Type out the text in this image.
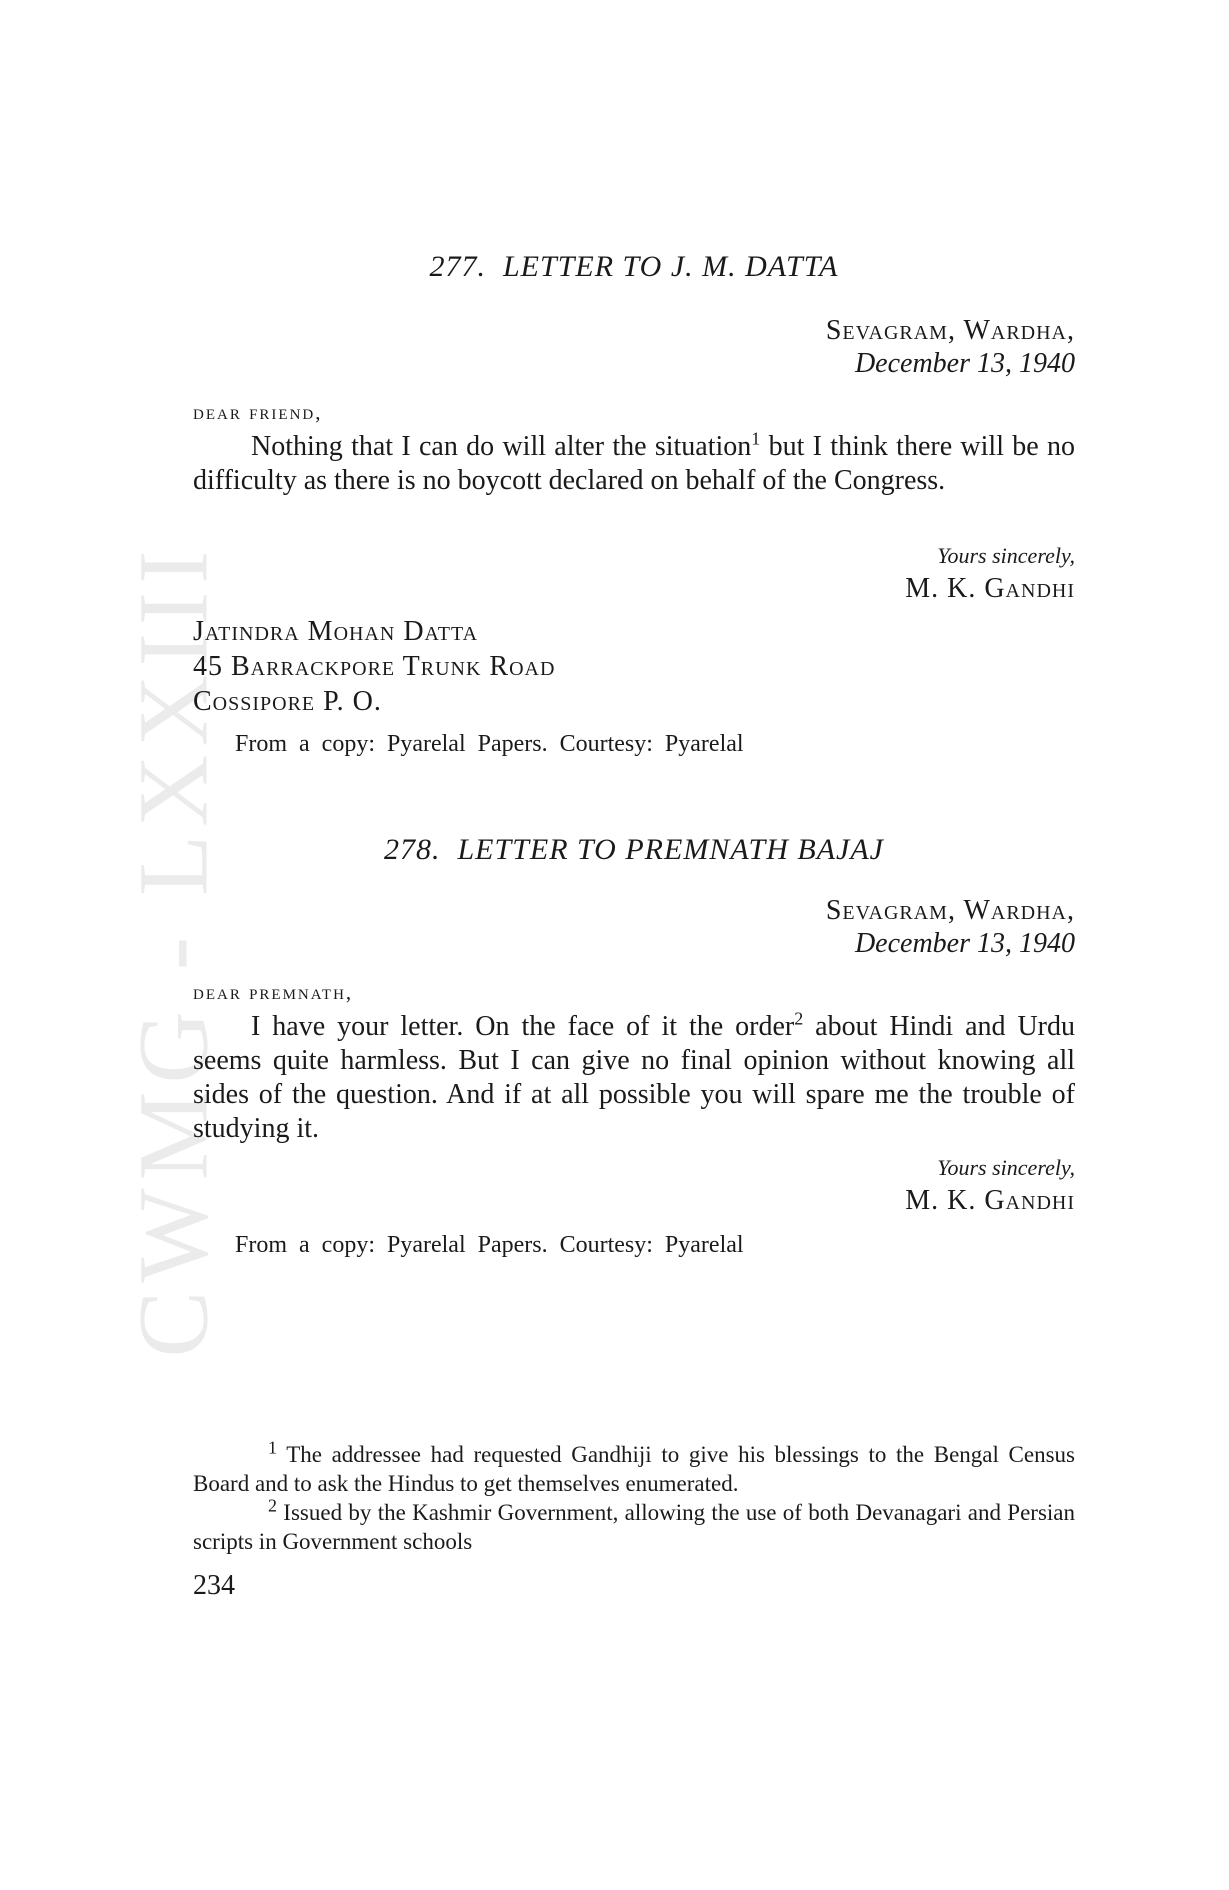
CWMG - LXXIII
277. LETTER TO J. M. DATTA
Sevagram, Wardha,
December 13, 1940
dear friend,
Nothing that I can do will alter the situation$^1$ but I think there will be no difficulty as there is no boycott declared on behalf of the Congress.
Yours sincerely,
M. K. Gandhi
Jatindra Mohan Datta
45 Barrackpore Trunk Road
Cossipore P. O.
From a copy: Pyarelal Papers. Courtesy: Pyarelal
278. LETTER TO PREMNATH BAJAJ
Sevagram, Wardha,
December 13, 1940
dear premnath,
I have your letter. On the face of it the order$^2$ about Hindi and Urdu seems quite harmless. But I can give no final opinion without knowing all sides of the question. And if at all possible you will spare me the trouble of studying it.
Yours sincerely,
M. K. Gandhi
From a copy: Pyarelal Papers. Courtesy: Pyarelal
$^1$ The addressee had requested Gandhiji to give his blessings to the Bengal Census Board and to ask the Hindus to get themselves enumerated.
$^2$ Issued by the Kashmir Government, allowing the use of both Devanagari and Persian scripts in Government schools
234
